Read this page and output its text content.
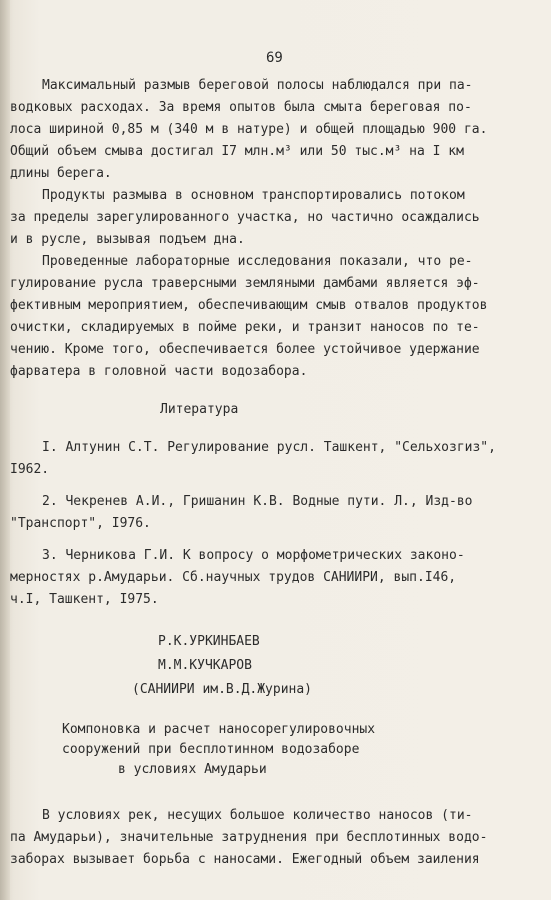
69
Максимальный размыв береговой полосы наблюдался при па-
водковых расходах. За время опытов была смыта береговая по-
лоса шириной 0,85 м (340 м в натуре) и общей площадью 900 га.
Общий объем смыва достигал I7 млн.м³ или 50 тыс.м³ на I км
длины берега.
Продукты размыва в основном транспортировались потоком
за пределы зарегулированного участка, но частично осаждались
и в русле, вызывая подъем дна.
Проведенные лабораторные исследования показали, что ре-
гулирование русла траверсными земляными дамбами является эф-
фективным мероприятием, обеспечивающим смыв отвалов продуктов
очистки, складируемых в пойме реки, и транзит наносов по те-
чению. Кроме того, обеспечивается более устойчивое удержание
фарватера в головной части водозабора.
Литература
I. Алтунин С.Т. Регулирование русл. Ташкент, "Сельхозгиз",
I962.
2. Чекренев А.И., Гришанин К.В. Водные пути. Л., Изд-во
"Транспорт", I976.
3. Черникова Г.И. К вопросу о морфометрических законо-
мерностях р.Амударьи. Сб.научных трудов САНИИРИ, вып.I46,
ч.I, Ташкент, I975.
Р.К.УРКИНБАЕВ
М.М.КУЧКАРОВ
(САНИИРИ им.В.Д.Журина)
Компоновка и расчет наносорегулировочных
сооружений при бесплотинном водозаборе
в условиях Амударьи
В условиях рек, несущих большое количество наносов (ти-
па Амударьи), значительные затруднения при бесплотинных водо-
заборах вызывает борьба с наносами. Ежегодный объем заиления
